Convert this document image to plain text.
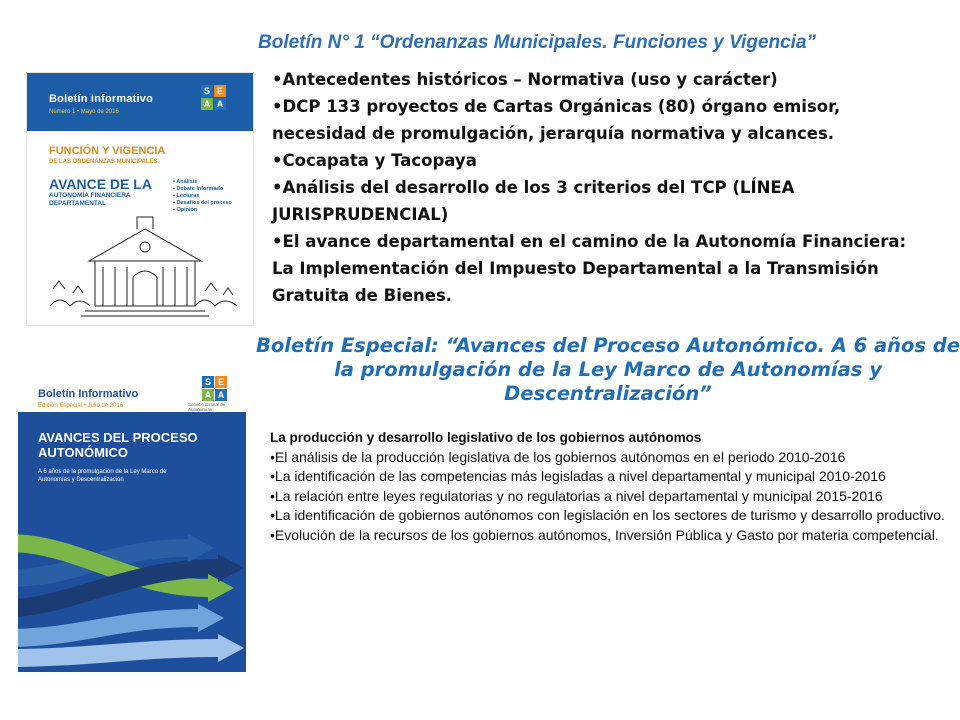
Boletín N° 1 “Ordenanzas Municipales. Funciones y Vigencia”
Boletín Informativo
Número 1 • Mayo de 2016
S E
A A
FUNCIÓN Y VIGENCIA
DE LAS ORDENANZAS MUNICIPALES
AVANCE DE LA
AUTONOMÍA FINANCIERA DEPARTAMENTAL
• Análisis
• Debate Informado
• Lecturas
• Desafíos del proceso
• Opinión
•Antecedentes históricos – Normativa (uso y carácter)
•DCP 133 proyectos de Cartas Orgánicas (80) órgano emisor, necesidad de promulgación, jerarquía normativa y alcances.
•Cocapata y Tacopaya
•Análisis del desarrollo de los 3 criterios del TCP (LÍNEA JURISPRUDENCIAL)
•El avance departamental en el camino de la Autonomía Financiera: La Implementación del Impuesto Departamental a la Transmisión Gratuita de Bienes.
Boletín Especial: “Avances del Proceso Autonómico. A 6 años de la promulgación de la Ley Marco de Autonomías y Descentralización”
Boletín Informativo
Edición Especial • Julio de 2016
S E
A A
Servicio Estatal de Autonomías
AVANCES DEL PROCESO AUTONÓMICO
A 6 años de la promulgación de la Ley Marco de Autonomías y Descentralización
La producción y desarrollo legislativo de los gobiernos autónomos
•El análisis de la producción legislativa de los gobiernos autónomos en el periodo 2010-2016
•La identificación de las competencias más legisladas a nivel departamental y municipal 2010-2016
•La relación entre leyes regulatorias y no regulatorias a nivel departamental y municipal 2015-2016
•La identificación de gobiernos autónomos con legislación en los sectores de turismo y desarrollo productivo.
•Evolución de la recursos de los gobiernos autónomos, Inversión Pública y Gasto por materia competencial.
